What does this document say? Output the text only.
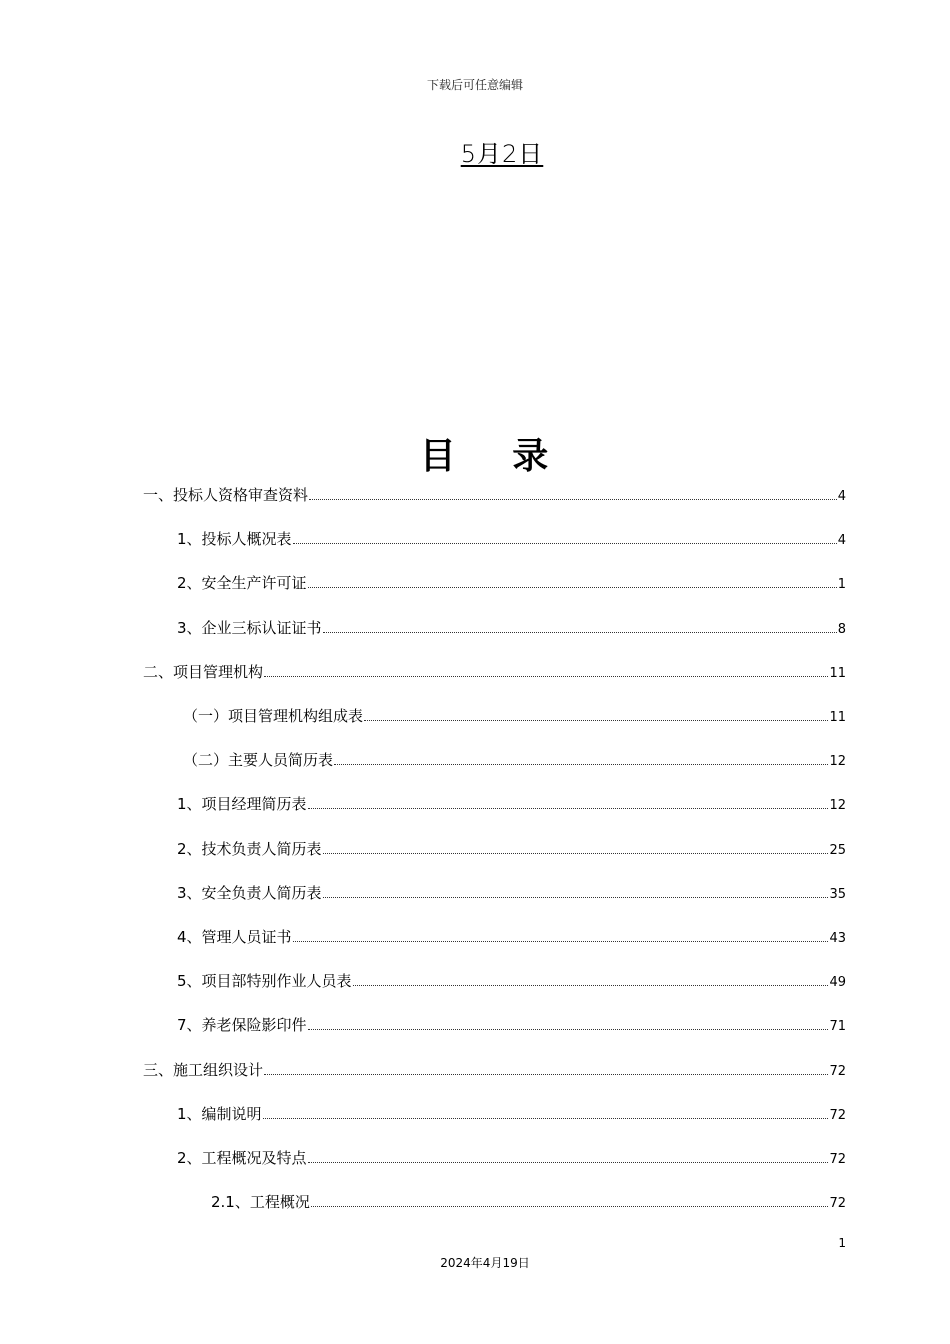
下载后可任意编辑
5月2日
目 录
一、投标人资格审查资料	4
1、投标人概况表	4
2、安全生产许可证	1
3、企业三标认证证书	8
二、项目管理机构	11
（一）项目管理机构组成表	11
（二）主要人员简历表	12
1、项目经理简历表	12
2、技术负责人简历表	25
3、安全负责人简历表	35
4、管理人员证书	43
5、项目部特别作业人员表	49
7、养老保险影印件	71
三、施工组织设计	72
1、编制说明	72
2、工程概况及特点	72
2.1、工程概况	72
1
2024年4月19日
